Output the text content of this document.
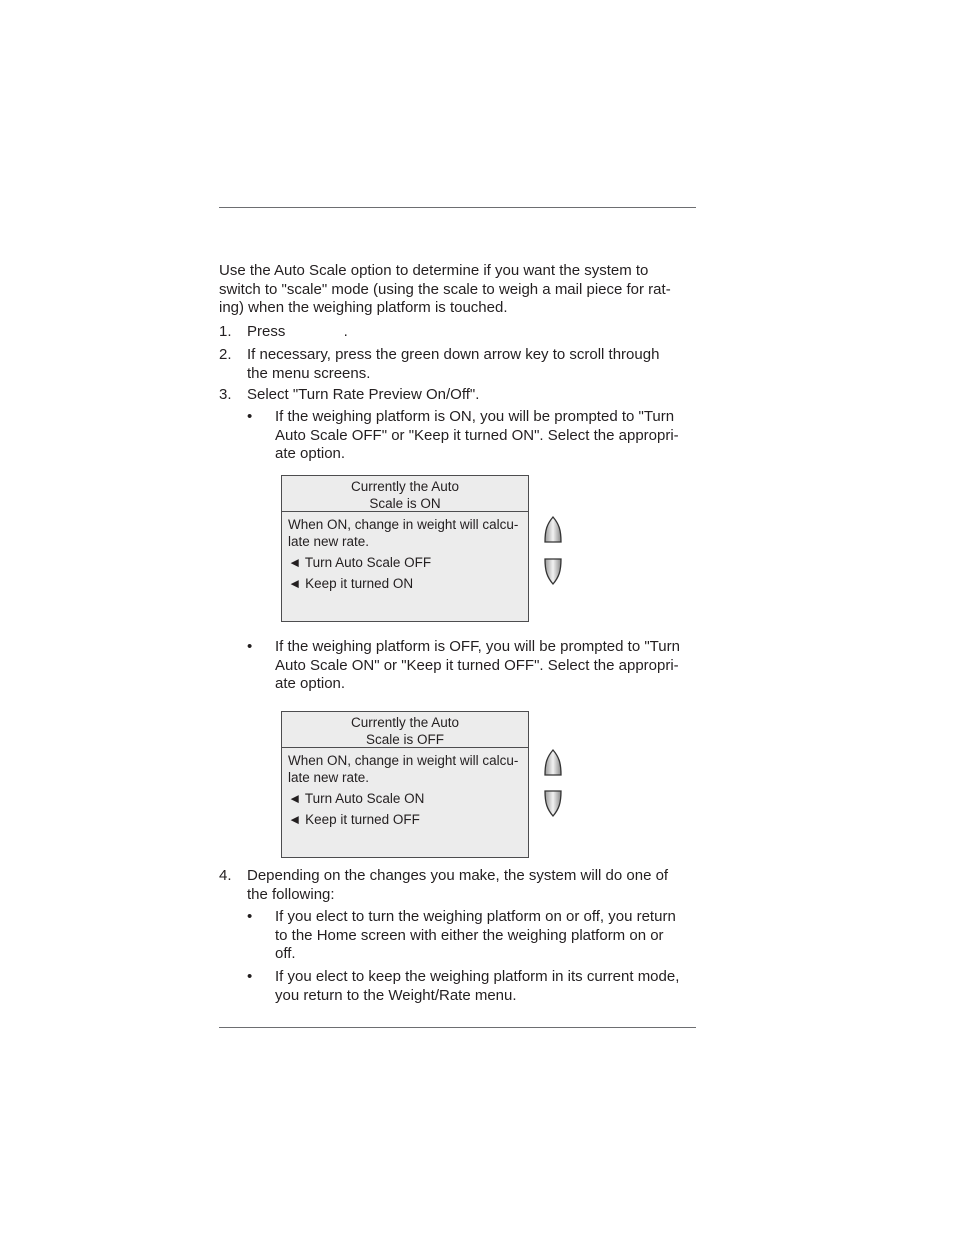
Use the Auto Scale option to determine if you want the system to
switch to "scale" mode (using the scale to weigh a mail piece for rat-
ing) when the weighing platform is touched.
1. Press              .
2. If necessary, press the green down arrow key to scroll through
the menu screens.
3. Select "Turn Rate Preview On/Off".
• If the weighing platform is ON, you will be prompted to "Turn
Auto Scale OFF" or "Keep it turned ON". Select the appropri-
ate option.
Currently the Auto
Scale is ON
When ON, change in weight will calcu-
late new rate.
◄ Turn Auto Scale OFF
◄ Keep it turned ON
• If the weighing platform is OFF, you will be prompted to "Turn
Auto Scale ON" or "Keep it turned OFF". Select the appropri-
ate option.
Currently the Auto
Scale is OFF
When ON, change in weight will calcu-
late new rate.
◄ Turn Auto Scale ON
◄ Keep it turned OFF
4. Depending on the changes you make, the system will do one of
the following:
• If you elect to turn the weighing platform on or off, you return
to the Home screen with either the weighing platform on or
off.
• If you elect to keep the weighing platform in its current mode,
you return to the Weight/Rate menu.
